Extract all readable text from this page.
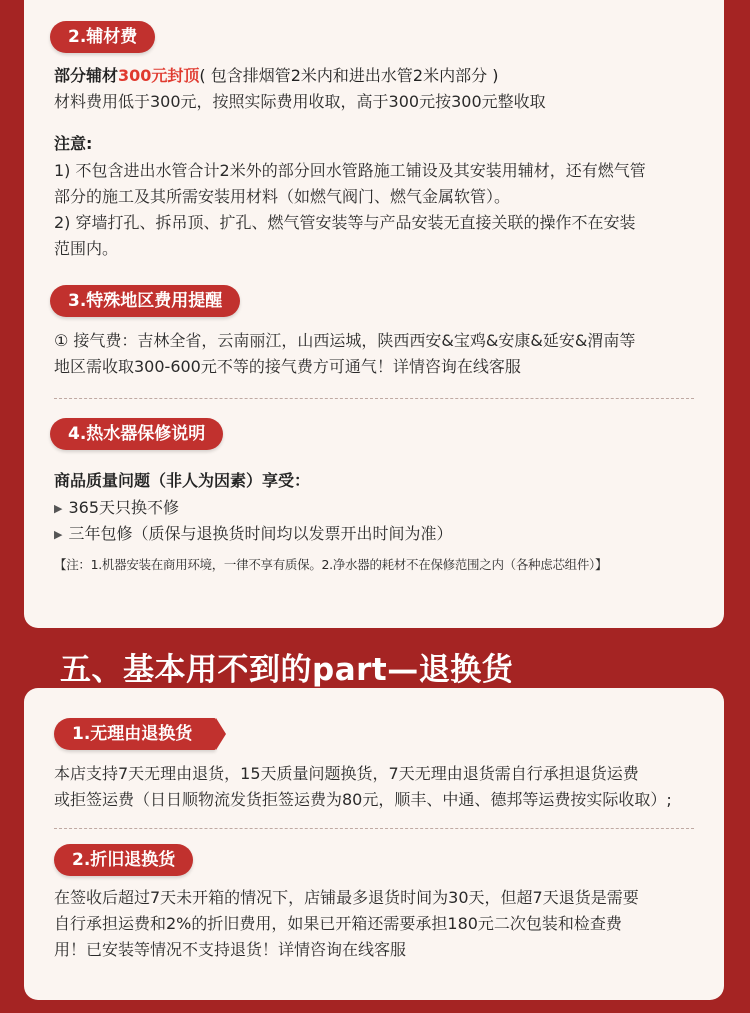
2.辅材费
部分辅材300元封顶( 包含排烟管2米内和进出水管2米内部分 )
材料费用低于300元，按照实际费用收取，高于300元按300元整收取
注意:
1) 不包含进出水管合计2米外的部分回水管路施工铺设及其安装用辅材，还有燃气管
部分的施工及其所需安装用材料（如燃气阀门、燃气金属软管）。
2) 穿墙打孔、拆吊顶、扩孔、燃气管安装等与产品安装无直接关联的操作不在安装
范围内。
3.特殊地区费用提醒
① 接气费：吉林全省，云南丽江，山西运城，陕西西安&宝鸡&安康&延安&渭南等
地区需收取300-600元不等的接气费方可通气！详情咨询在线客服
4.热水器保修说明
商品质量问题（非人为因素）享受：
▶ 365天只换不修
▶ 三年包修（质保与退换货时间均以发票开出时间为准）
【注：1.机器安装在商用环境，一律不享有质保。2.净水器的耗材不在保修范围之内（各种虑芯组件）】
五、基本用不到的part—退换货
1.无理由退换货
本店支持7天无理由退货，15天质量问题换货，7天无理由退货需自行承担退货运费
或拒签运费（日日顺物流发货拒签运费为80元，顺丰、中通、德邦等运费按实际收取）;
2.折旧退换货
在签收后超过7天未开箱的情况下，店铺最多退货时间为30天，但超7天退货是需要
自行承担运费和2%的折旧费用，如果已开箱还需要承担180元二次包装和检查费
用！已安装等情况不支持退货！详情咨询在线客服
